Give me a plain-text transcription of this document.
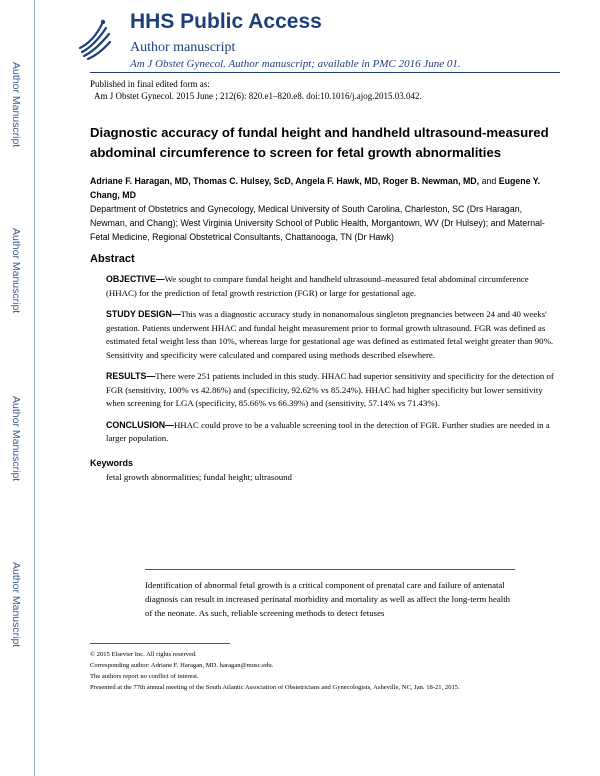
Author Manuscript
Author Manuscript
Author Manuscript
Author Manuscript
HHS Public Access
Author manuscript
Am J Obstet Gynecol. Author manuscript; available in PMC 2016 June 01.
Published in final edited form as:
Am J Obstet Gynecol. 2015 June ; 212(6): 820.e1–820.e8. doi:10.1016/j.ajog.2015.03.042.
Diagnostic accuracy of fundal height and handheld ultrasound-measured abdominal circumference to screen for fetal growth abnormalities
Adriane F. Haragan, MD, Thomas C. Hulsey, ScD, Angela F. Hawk, MD, Roger B. Newman, MD, and Eugene Y. Chang, MD
Department of Obstetrics and Gynecology, Medical University of South Carolina, Charleston, SC (Drs Haragan, Newman, and Chang); West Virginia University School of Public Health, Morgantown, WV (Dr Hulsey); and Maternal-Fetal Medicine, Regional Obstetrical Consultants, Chattanooga, TN (Dr Hawk)
Abstract
OBJECTIVE—We sought to compare fundal height and handheld ultrasound–measured fetal abdominal circumference (HHAC) for the prediction of fetal growth restriction (FGR) or large for gestational age.
STUDY DESIGN—This was a diagnostic accuracy study in nonanomalous singleton pregnancies between 24 and 40 weeks' gestation. Patients underwent HHAC and fundal height measurement prior to formal growth ultrasound. FGR was defined as estimated fetal weight less than 10%, whereas large for gestational age was defined as estimated fetal weight greater than 90%. Sensitivity and specificity were calculated and compared using methods described elsewhere.
RESULTS—There were 251 patients included in this study. HHAC had superior sensitivity and specificity for the detection of FGR (sensitivity, 100% vs 42.86%) and (specificity, 92.62% vs 85.24%). HHAC had higher specificity but lower sensitivity when screening for LGA (specificity, 85.66% vs 66.39%) and (sensitivity, 57.14% vs 71.43%).
CONCLUSION—HHAC could prove to be a valuable screening tool in the detection of FGR. Further studies are needed in a larger population.
Keywords
fetal growth abnormalities; fundal height; ultrasound
Identification of abnormal fetal growth is a critical component of prenatal care and failure of antenatal diagnosis can result in increased perinatal morbidity and mortality as well as affect the long-term health of the neonate. As such, reliable screening methods to detect fetuses

© 2015 Elsevier Inc. All rights reserved.

Corresponding author: Adriane F. Haragan, MD. haragan@musc.edu.

The authors report no conflict of interest.

Presented at the 77th annual meeting of the South Atlantic Association of Obstetricians and Gynecologists, Asheville, NC, Jan. 18-21, 2015.
